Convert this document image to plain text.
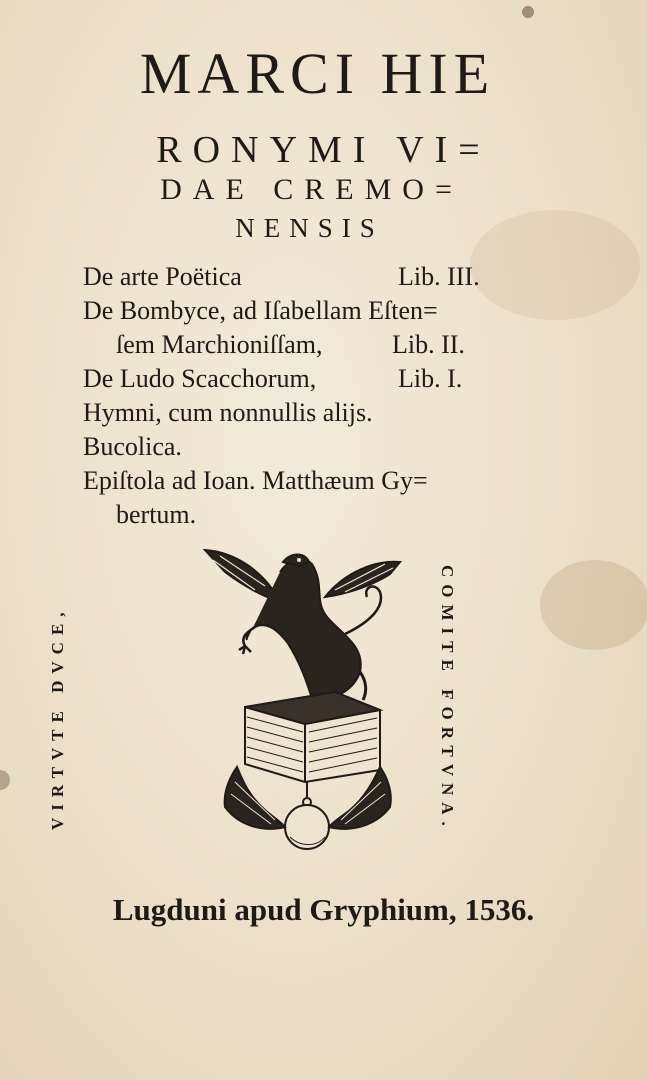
MARCI HIE
RONYMI VI=
DAE CREMO=
NENSIS
De arte Poëtica	Lib. III.
De Bombyce, ad Iſabellam Eſten=
ſem Marchioniſſam,	Lib. II.
De Ludo Scacchorum,	Lib. I.
Hymni, cum nonnullis alijs.
Bucolica.
Epiſtola ad Ioan. Matthæum Gy=
bertum.
VIRTVTE DVCE,	COMITE FORTVNA.
Lugduni apud Gryphium, 1536.
